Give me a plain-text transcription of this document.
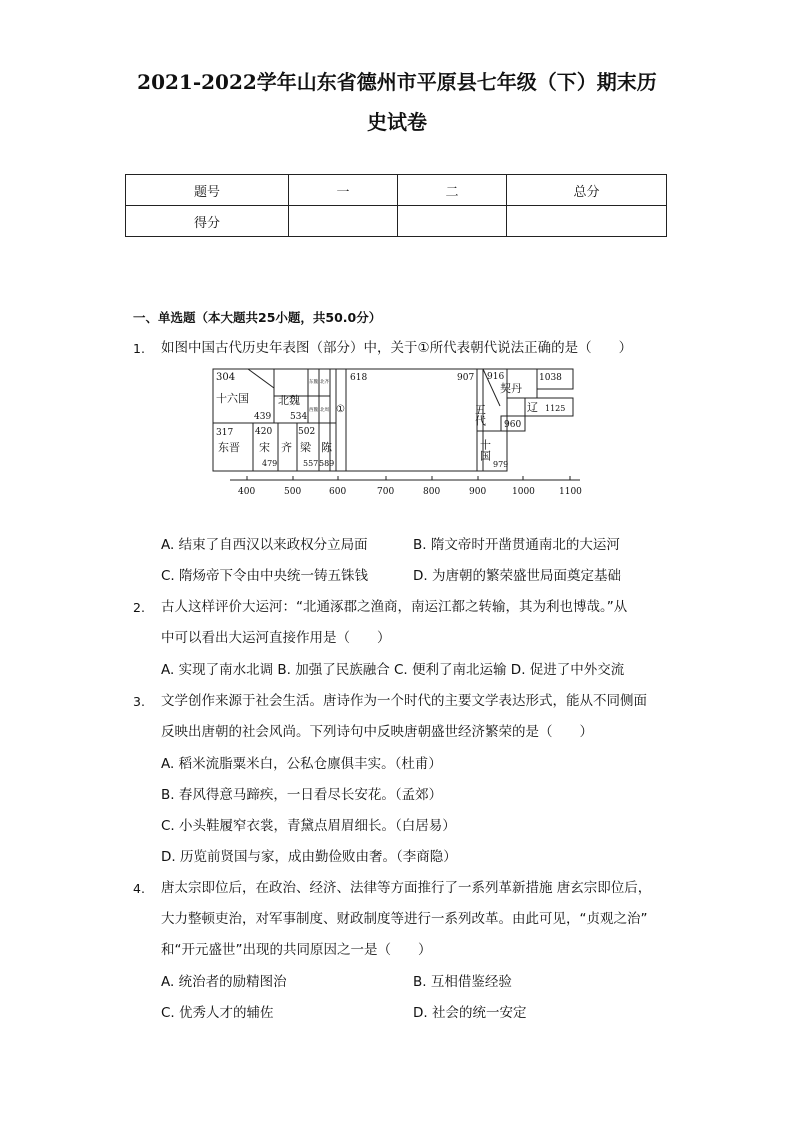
2021-2022学年山东省德州市平原县七年级（下）期末历
史试卷
题号	一	二	总分
得分			
一、单选题（本大题共25小题，共50.0分）
1. 如图中国古代历史年表图（部分）中，关于①所代表朝代说法正确的是（　　）
304
十六国
439
北魏
534
东魏 北齐
西魏 北周 ①
618	907 916
契丹
1038
辽 1125
五代 960
十国
979
317
东晋
420
宋
479
齐
502
梁
557
陈
589
400	500	600	700	800	900	1000	1100
A. 结束了自西汉以来政权分立局面	B. 隋文帝时开凿贯通南北的大运河
C. 隋炀帝下令由中央统一铸五铢钱	D. 为唐朝的繁荣盛世局面奠定基础
2. 古人这样评价大运河：“北通涿郡之渔商，南运江都之转输，其为利也博哉。”从
中可以看出大运河直接作用是（　　）
A. 实现了南水北调 B. 加强了民族融合 C. 便利了南北运输 D. 促进了中外交流
3. 文学创作来源于社会生活。唐诗作为一个时代的主要文学表达形式，能从不同侧面
反映出唐朝的社会风尚。下列诗句中反映唐朝盛世经济繁荣的是（　　）
A. 稻米流脂粟米白，公私仓廪俱丰实。（杜甫）
B. 春风得意马蹄疾，一日看尽长安花。（孟郊）
C. 小头鞋履窄衣裳，青黛点眉眉细长。（白居易）
D. 历览前贤国与家，成由勤俭败由奢。（李商隐）
4. 唐太宗即位后，在政治、经济、法律等方面推行了一系列革新措施 唐玄宗即位后，
大力整顿吏治，对军事制度、财政制度等进行一系列改革。由此可见，“贞观之治”
和“开元盛世”出现的共同原因之一是（　　）
A. 统治者的励精图治	B. 互相借鉴经验
C. 优秀人才的辅佐	D. 社会的统一安定
